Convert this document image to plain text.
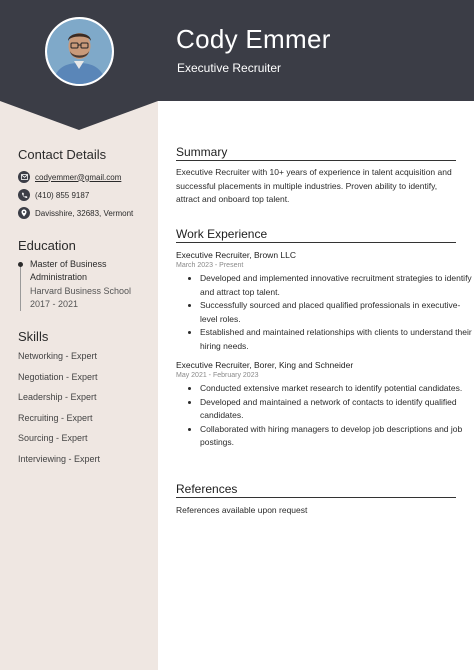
Cody Emmer
Executive Recruiter
Contact Details
codyemmer@gmail.com
(410) 855 9187
Davisshire, 32683, Vermont
Education
Master of Business
Administration
Harvard Business School
2017 - 2021
Skills
Networking - Expert
Negotiation - Expert
Leadership - Expert
Recruiting - Expert
Sourcing - Expert
Interviewing - Expert
Summary
Executive Recruiter with 10+ years of experience in talent acquisition and successful placements in multiple industries. Proven ability to identify, attract and onboard top talent.
Work Experience
Executive Recruiter, Brown LLC
March 2023 - Present
• Developed and implemented innovative recruitment strategies to identify and attract top talent.
• Successfully sourced and placed qualified professionals in executive-level roles.
• Established and maintained relationships with clients to understand their hiring needs.
Executive Recruiter, Borer, King and Schneider
May 2021 - February 2023
• Conducted extensive market research to identify potential candidates.
• Developed and maintained a network of contacts to identify qualified candidates.
• Collaborated with hiring managers to develop job descriptions and job postings.
References
References available upon request
